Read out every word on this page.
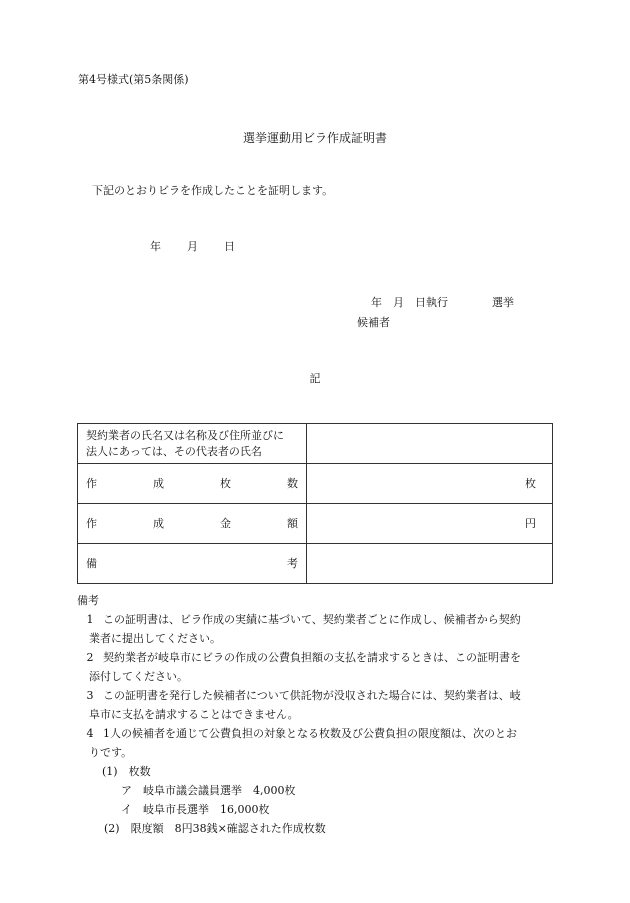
第4号様式(第5条関係)
選挙運動用ビラ作成証明書
下記のとおりビラを作成したことを証明します。
年 月 日
年　月　日執行　　　　選挙
候補者
記
契約業者の氏名又は名称及び住所並びに
法人にあっては、その代表者の氏名	

作 成 枚 数	枚

作 成 金 額	円

備 考	

備考
1 この証明書は、ビラ作成の実績に基づいて、契約業者ごとに作成し、候補者から契約
業者に提出してください。
2 契約業者が岐阜市にビラの作成の公費負担額の支払を請求するときは、この証明書を
添付してください。
3 この証明書を発行した候補者について供託物が没収された場合には、契約業者は、岐
阜市に支払を請求することはできません。
4 1人の候補者を通じて公費負担の対象となる枚数及び公費負担の限度額は、次のとお
りです。
(1)　枚数
ア　岐阜市議会議員選挙　4,000枚
イ　岐阜市長選挙　16,000枚
(2)　限度額　8円38銭×確認された作成枚数
